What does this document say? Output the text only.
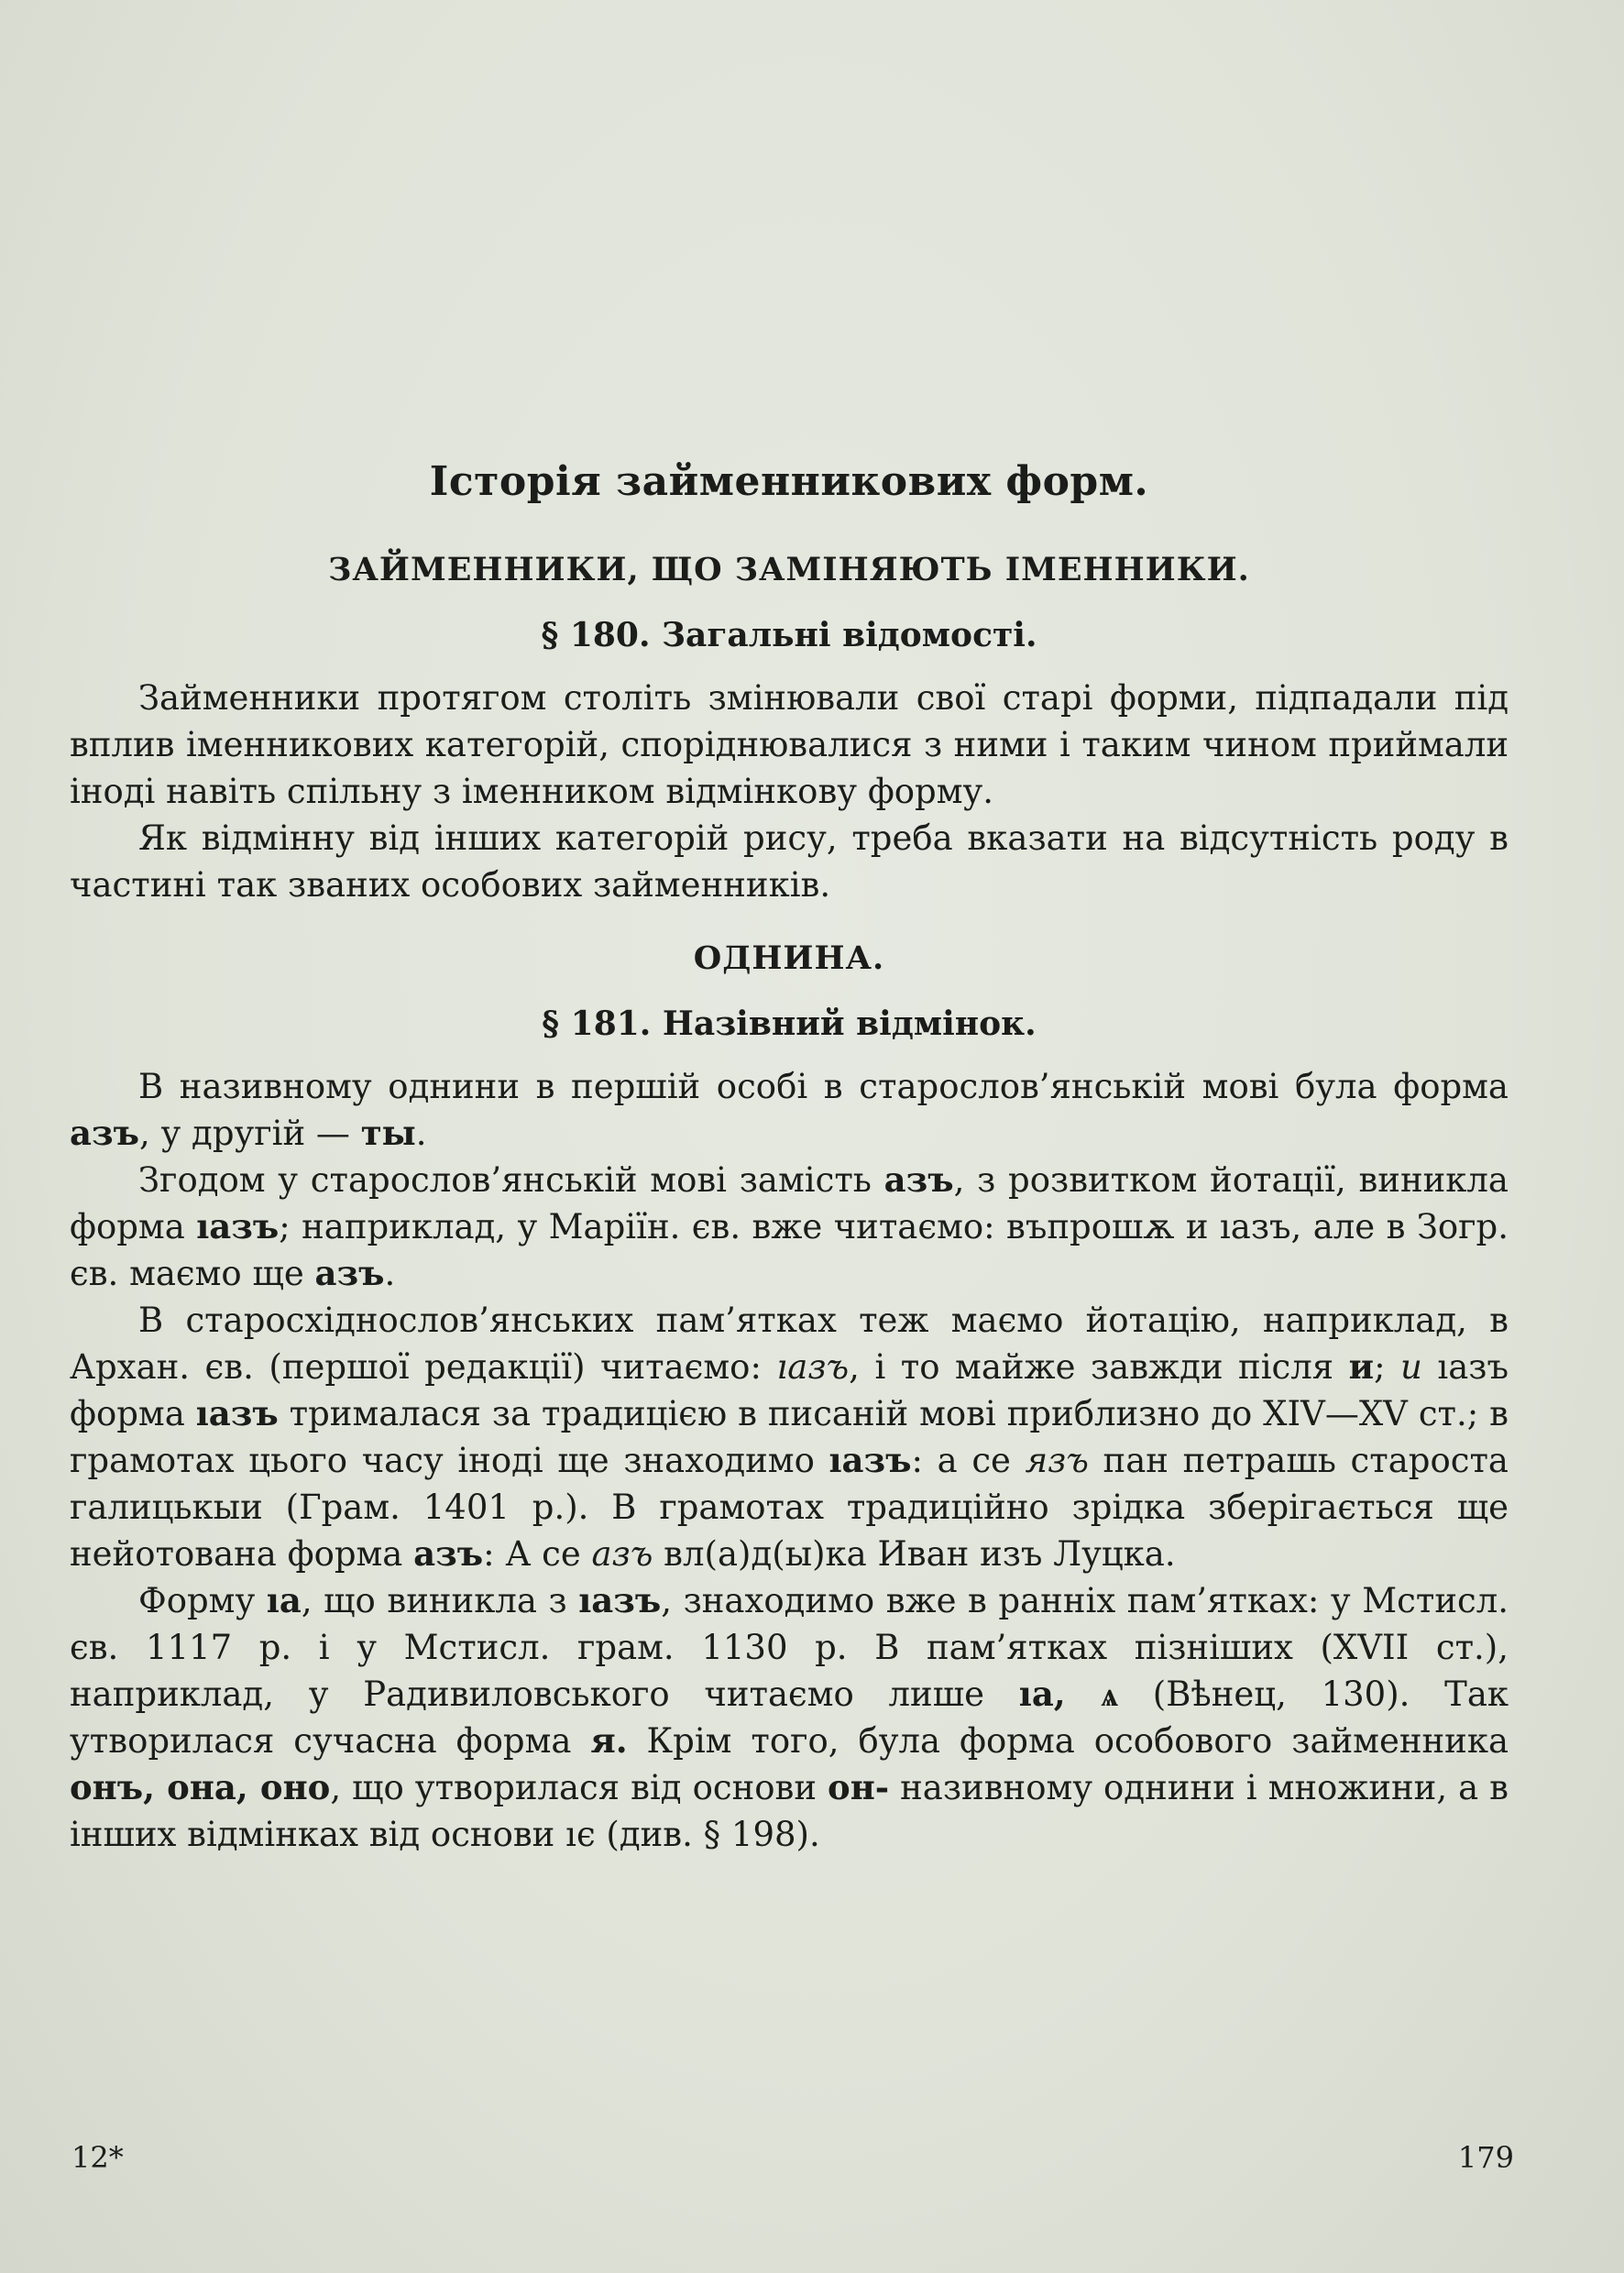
Історія займенникових форм.
ЗАЙМЕННИКИ, ЩО ЗАМІНЯЮТЬ ІМЕННИКИ.
§ 180. Загальні відомості.

Займенники протягом століть змінювали свої старі форми, підпадали під вплив іменникових категорій, споріднювалися з ними і таким чином приймали іноді навіть спільну з іменником відмінкову форму.

Як відмінну від інших категорій рису, треба вказати на відсутність роду в частині так званих особових займенників.

ОДНИНА.
§ 181. Назівний відмінок.

В називному однини в першій особі в старослов’янській мові була форма азъ, у другій — ты.

Згодом у старослов’янській мові замість азъ, з розвитком йотації, виникла форма ıазъ; наприклад, у Маріїн. єв. вже читаємо: въпрошѫ и ıазъ, але в Зогр. єв. маємо ще азъ.

В старосхіднослов’янських пам’ятках теж маємо йотацію, наприклад, в Архан. єв. (першої редакції) читаємо: ıазъ, і то майже завжди після и; и ıазъ форма ıазъ трималася за традицією в писаній мові приблизно до XIV—XV ст.; в грамотах цього часу іноді ще знаходимо ıазъ: а се язъ пан петрашь староста галицькыи (Грам. 1401 р.). В грамотах традиційно зрідка зберігається ще нейотована форма азъ: А се азъ вл(а)д(ы)ка Иван изъ Луцка.

Форму ıа, що виникла з ıазъ, знаходимо вже в ранніх пам’ятках: у Мстисл. єв. 1117 р. і у Мстисл. грам. 1130 р. В пам’ятках пізніших (XVII ст.), наприклад, у Радивиловського читаємо лише ıа, ѧ (Вѣнец, 130). Так утворилася сучасна форма я. Крім того, була форма особового займенника онъ, она, оно, що утворилася від основи он- називному однини і множини, а в інших відмінках від основи ıє (див. § 198).

12*	179
